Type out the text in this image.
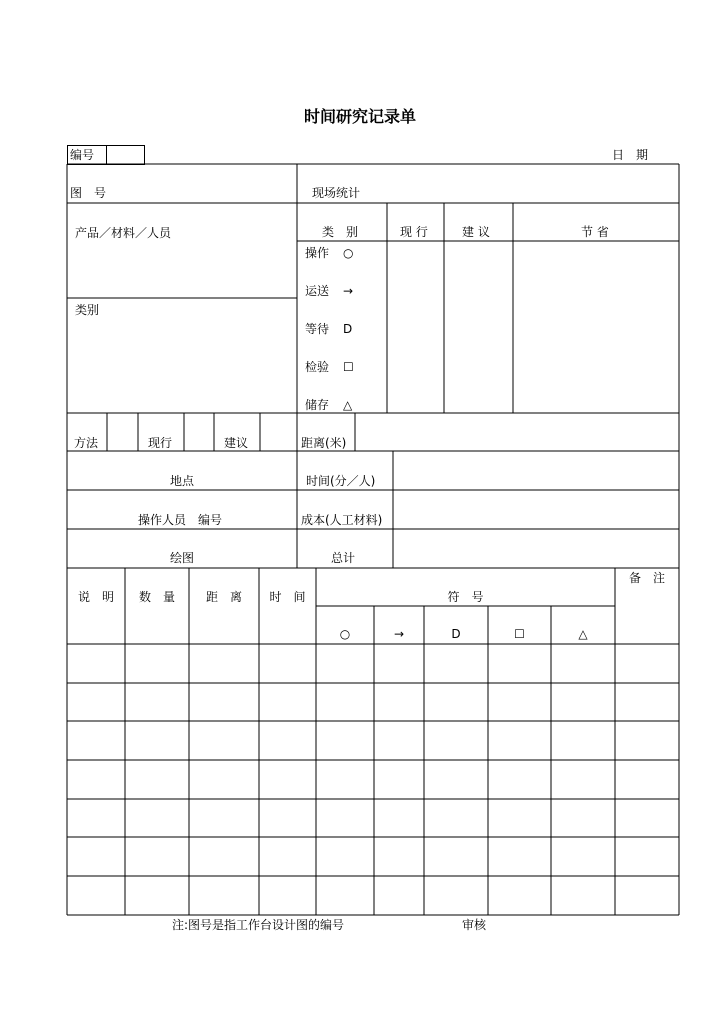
时间研究记录单
编号	日　期
图　号	现场统计
产品／材料／人员	类　别	现 行	建 议	节 省
类别
操作 ○
运送 →
等待 D
检验 ☐
储存 △
方法	现行	建议	距离(米)
地点	时间(分／人)
操作人员　编号	成本(人工材料)
绘图	总计
说　明	数　量	距　离	时　间	符　号
备　注
○	→	D	☐	△
注:图号是指工作台设计图的编号	审核
